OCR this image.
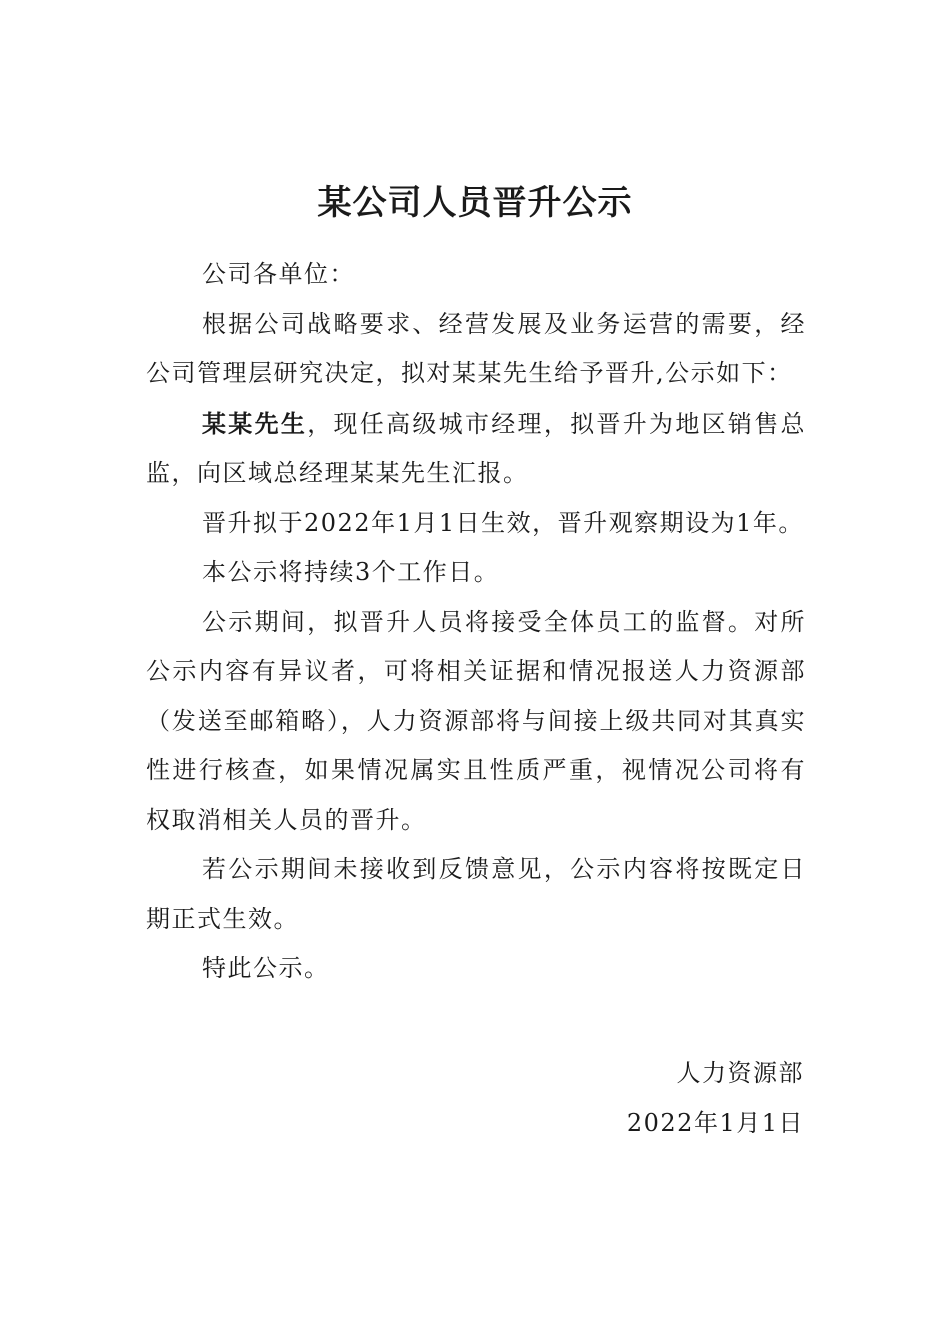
某公司人员晋升公示

公司各单位：

根据公司战略要求、经营发展及业务运营的需要，经公司管理层研究决定，拟对某某先生给予晋升,公示如下：

某某先生，现任高级城市经理，拟晋升为地区销售总监，向区域总经理某某先生汇报。

晋升拟于2022年1月1日生效，晋升观察期设为1年。

本公示将持续3个工作日。

公示期间，拟晋升人员将接受全体员工的监督。对所公示内容有异议者，可将相关证据和情况报送人力资源部（发送至邮箱略），人力资源部将与间接上级共同对其真实性进行核查，如果情况属实且性质严重，视情况公司将有权取消相关人员的晋升。

若公示期间未接收到反馈意见，公示内容将按既定日期正式生效。

特此公示。

人力资源部
2022年1月1日
